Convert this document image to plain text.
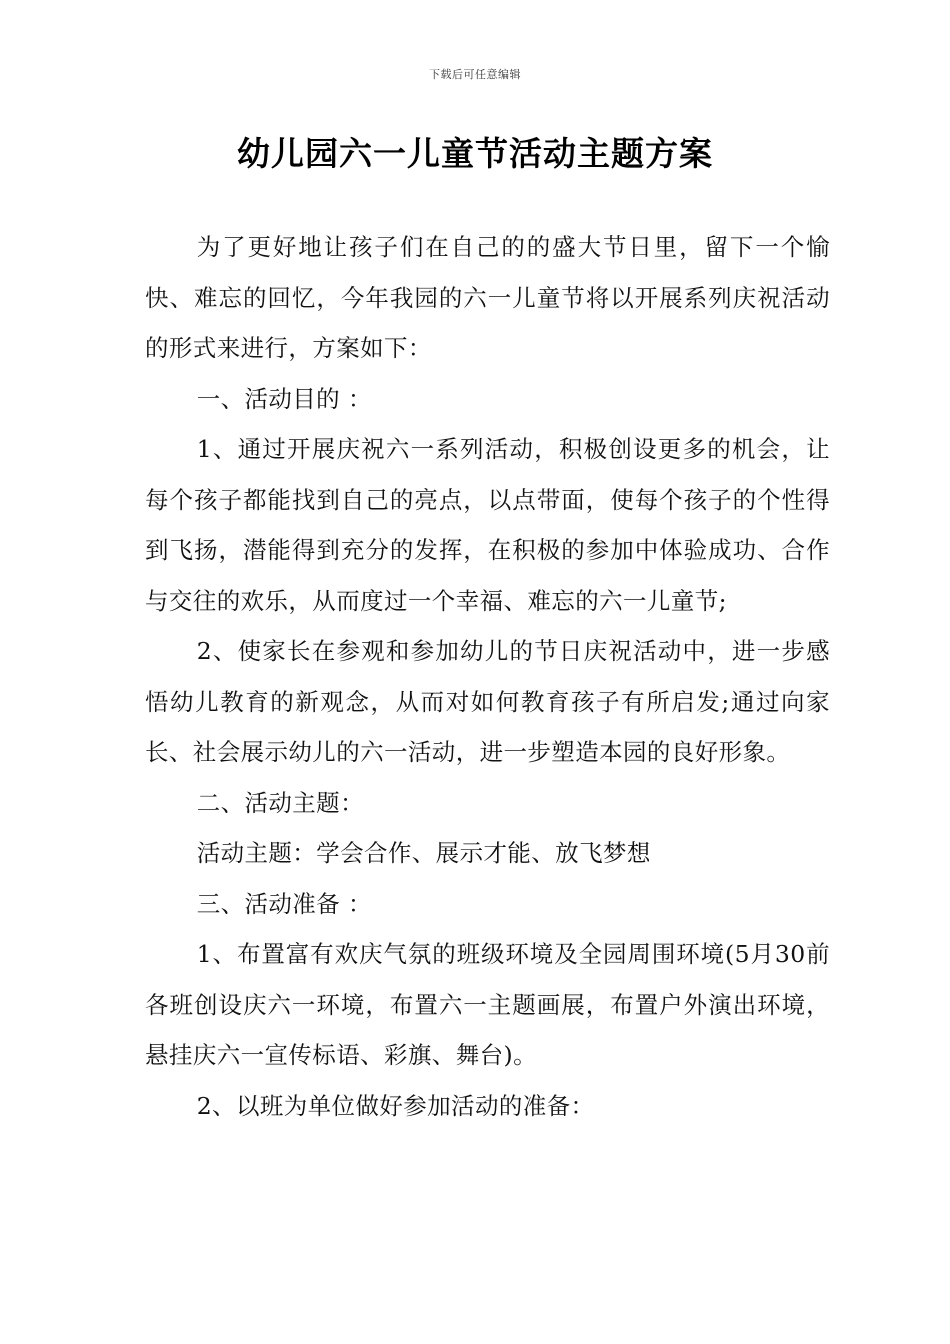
下载后可任意编辑
幼儿园六一儿童节活动主题方案

为了更好地让孩子们在自己的的盛大节日里，留下一个愉快、难忘的回忆，今年我园的六一儿童节将以开展系列庆祝活动的形式来进行，方案如下：

一、活动目的 ：

1、通过开展庆祝六一系列活动，积极创设更多的机会，让每个孩子都能找到自己的亮点，以点带面，使每个孩子的个性得到飞扬，潜能得到充分的发挥，在积极的参加中体验成功、合作与交往的欢乐，从而度过一个幸福、难忘的六一儿童节;

2、使家长在参观和参加幼儿的节日庆祝活动中，进一步感悟幼儿教育的新观念，从而对如何教育孩子有所启发;通过向家长、社会展示幼儿的六一活动，进一步塑造本园的良好形象。

二、活动主题：

活动主题：学会合作、展示才能、放飞梦想

三、活动准备 ：

1、布置富有欢庆气氛的班级环境及全园周围环境(5月30前各班创设庆六一环境，布置六一主题画展，布置户外演出环境，悬挂庆六一宣传标语、彩旗、舞台)。

2、以班为单位做好参加活动的准备：
